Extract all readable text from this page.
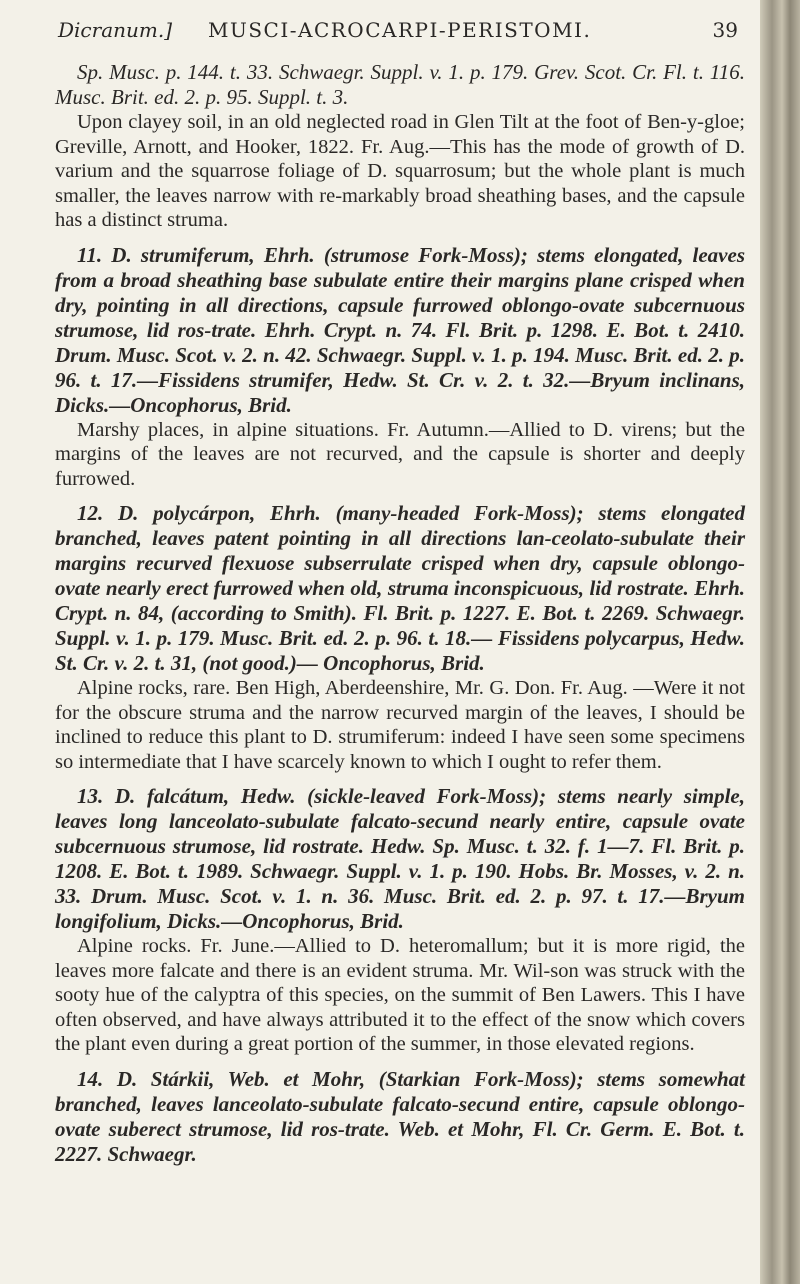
Dicranum.] MUSCI-ACROCARPI-PERISTOMI.	39

Sp. Musc. p. 144. t. 33. Schwaegr. Suppl. v. 1. p. 179. Grev. Scot. Cr. Fl. t. 116. Musc. Brit. ed. 2. p. 95. Suppl. t. 3.

Upon clayey soil, in an old neglected road in Glen Tilt at the foot of Ben-y-gloe; Greville, Arnott, and Hooker, 1822. Fr. Aug.—This has the mode of growth of D. varium and the squarrose foliage of D. squarrosum; but the whole plant is much smaller, the leaves narrow with re-markably broad sheathing bases, and the capsule has a distinct struma.

11. D. strumiferum, Ehrh. (strumose Fork-Moss); stems elongated, leaves from a broad sheathing base subulate entire their margins plane crisped when dry, pointing in all directions, capsule furrowed oblongo-ovate subcernuous strumose, lid ros-trate. Ehrh. Crypt. n. 74. Fl. Brit. p. 1298. E. Bot. t. 2410. Drum. Musc. Scot. v. 2. n. 42. Schwaegr. Suppl. v. 1. p. 194. Musc. Brit. ed. 2. p. 96. t. 17.—Fissidens strumifer, Hedw. St. Cr. v. 2. t. 32.—Bryum inclinans, Dicks.—Oncophorus, Brid.

Marshy places, in alpine situations. Fr. Autumn.—Allied to D. virens; but the margins of the leaves are not recurved, and the capsule is shorter and deeply furrowed.

12. D. polycárpon, Ehrh. (many-headed Fork-Moss); stems elongated branched, leaves patent pointing in all directions lan-ceolato-subulate their margins recurved flexuose subserrulate crisped when dry, capsule oblongo-ovate nearly erect furrowed when old, struma inconspicuous, lid rostrate. Ehrh. Crypt. n. 84, (according to Smith). Fl. Brit. p. 1227. E. Bot. t. 2269. Schwaegr. Suppl. v. 1. p. 179. Musc. Brit. ed. 2. p. 96. t. 18.— Fissidens polycarpus, Hedw. St. Cr. v. 2. t. 31, (not good.)— Oncophorus, Brid.

Alpine rocks, rare. Ben High, Aberdeenshire, Mr. G. Don. Fr. Aug. —Were it not for the obscure struma and the narrow recurved margin of the leaves, I should be inclined to reduce this plant to D. strumiferum: indeed I have seen some specimens so intermediate that I have scarcely known to which I ought to refer them.

13. D. falcátum, Hedw. (sickle-leaved Fork-Moss); stems nearly simple, leaves long lanceolato-subulate falcato-secund nearly entire, capsule ovate subcernuous strumose, lid rostrate. Hedw. Sp. Musc. t. 32. f. 1—7. Fl. Brit. p. 1208. E. Bot. t. 1989. Schwaegr. Suppl. v. 1. p. 190. Hobs. Br. Mosses, v. 2. n. 33. Drum. Musc. Scot. v. 1. n. 36. Musc. Brit. ed. 2. p. 97. t. 17.—Bryum longifolium, Dicks.—Oncophorus, Brid.

Alpine rocks. Fr. June.—Allied to D. heteromallum; but it is more rigid, the leaves more falcate and there is an evident struma. Mr. Wil-son was struck with the sooty hue of the calyptra of this species, on the summit of Ben Lawers. This I have often observed, and have always attributed it to the effect of the snow which covers the plant even during a great portion of the summer, in those elevated regions.

14. D. Stárkii, Web. et Mohr, (Starkian Fork-Moss); stems somewhat branched, leaves lanceolato-subulate falcato-secund entire, capsule oblongo-ovate suberect strumose, lid ros-trate. Web. et Mohr, Fl. Cr. Germ. E. Bot. t. 2227. Schwaegr.
